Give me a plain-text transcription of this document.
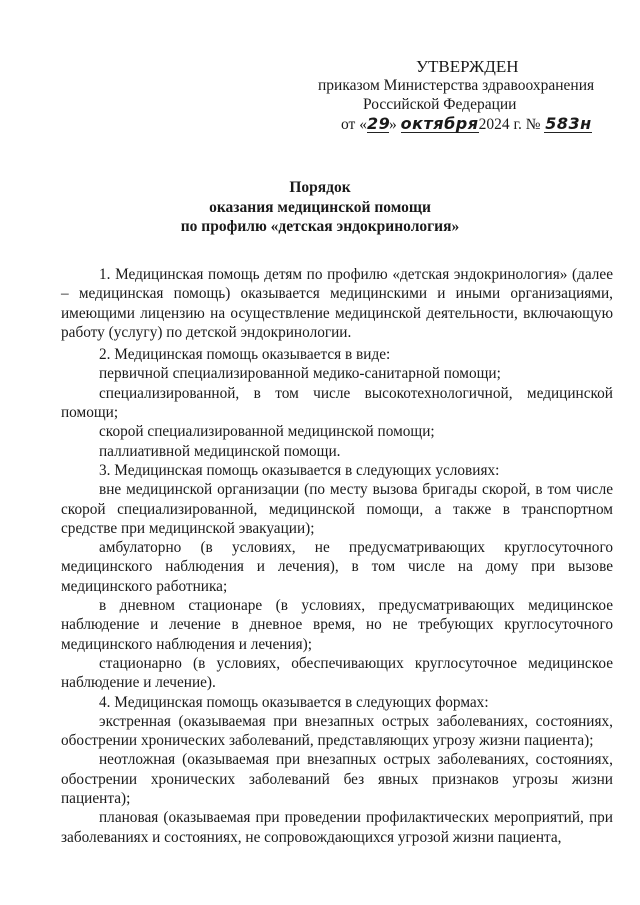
УТВЕРЖДЕН
приказом Министерства здравоохранения
Российской Федерации
от «29» октября2024 г. № 583н
Порядок
оказания медицинской помощи
по профилю «детская эндокринология»

1. Медицинская помощь детям по профилю «детская эндокринология» (далее – медицинская помощь) оказывается медицинскими и иными организациями, имеющими лицензию на осуществление медицинской деятельности, включающую работу (услугу) по детской эндокринологии.

2. Медицинская помощь оказывается в виде:

первичной специализированной медико-санитарной помощи;

специализированной, в том числе высокотехнологичной, медицинской помощи;

скорой специализированной медицинской помощи;

паллиативной медицинской помощи.

3. Медицинская помощь оказывается в следующих условиях:

вне медицинской организации (по месту вызова бригады скорой, в том числе скорой специализированной, медицинской помощи, а также в транспортном средстве при медицинской эвакуации);

амбулаторно (в условиях, не предусматривающих круглосуточного медицинского наблюдения и лечения), в том числе на дому при вызове медицинского работника;

в дневном стационаре (в условиях, предусматривающих медицинское наблюдение и лечение в дневное время, но не требующих круглосуточного медицинского наблюдения и лечения);

стационарно (в условиях, обеспечивающих круглосуточное медицинское наблюдение и лечение).

4. Медицинская помощь оказывается в следующих формах:

экстренная (оказываемая при внезапных острых заболеваниях, состояниях, обострении хронических заболеваний, представляющих угрозу жизни пациента);

неотложная (оказываемая при внезапных острых заболеваниях, состояниях, обострении хронических заболеваний без явных признаков угрозы жизни пациента);

плановая (оказываемая при проведении профилактических мероприятий, при заболеваниях и состояниях, не сопровождающихся угрозой жизни пациента,
